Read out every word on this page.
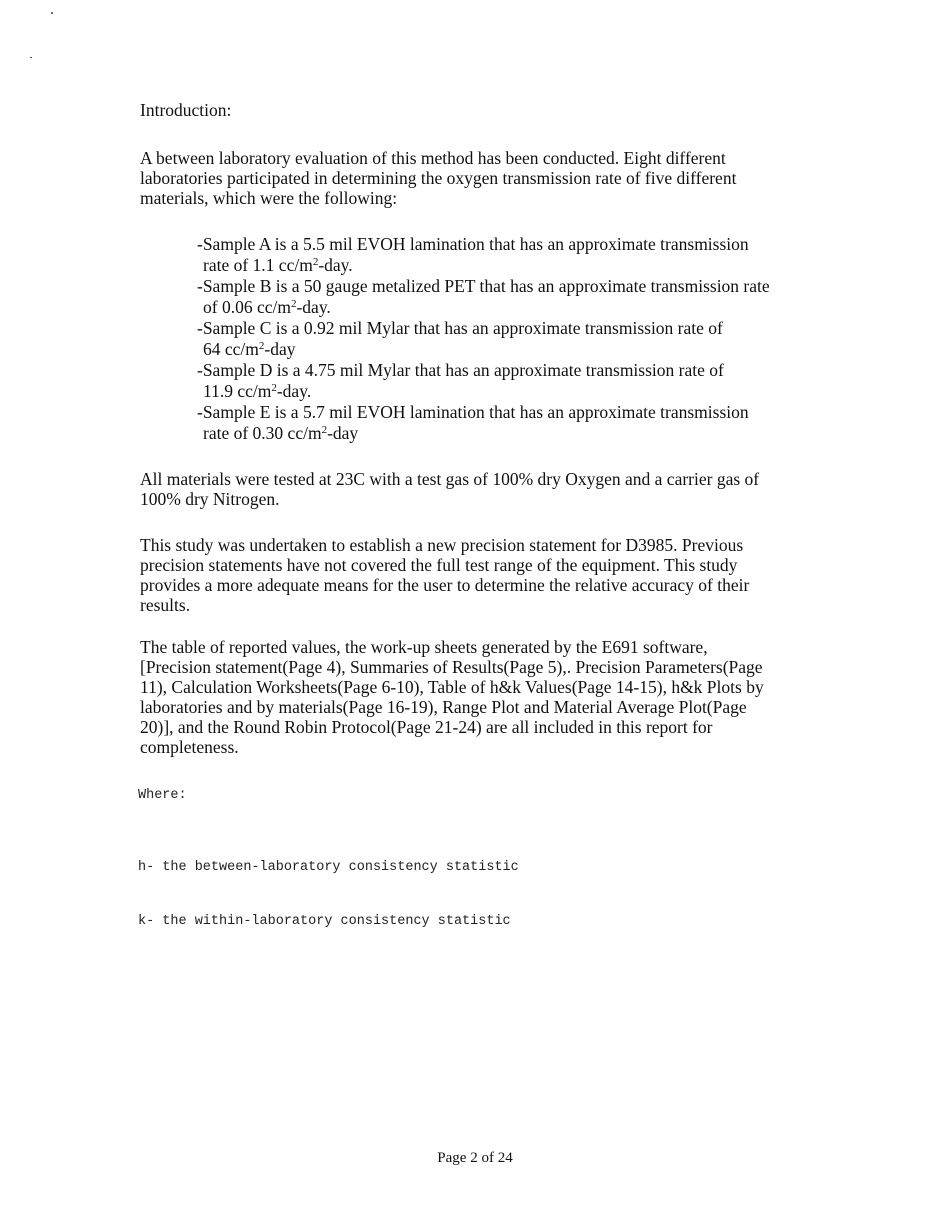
Introduction:

A between laboratory evaluation of this method has been conducted. Eight different
laboratories participated in determining the oxygen transmission rate of five different
materials, which were the following:

-Sample A is a 5.5 mil EVOH lamination that has an approximate transmission
rate of 1.1 $cc/m^2$-day.
-Sample B is a 50 gauge metalized PET that has an approximate transmission rate
of 0.06 $cc/m^2$-day.
-Sample C is a 0.92 mil Mylar that has an approximate transmission rate of
64 $cc/m^2$-day
-Sample D is a 4.75 mil Mylar that has an approximate transmission rate of
11.9 $cc/m^2$-day.
-Sample E is a 5.7 mil EVOH lamination that has an approximate transmission
rate of 0.30 $cc/m^2$-day

All materials were tested at 23C with a test gas of 100% dry Oxygen and a carrier gas of
100% dry Nitrogen.

This study was undertaken to establish a new precision statement for D3985. Previous
precision statements have not covered the full test range of the equipment. This study
provides a more adequate means for the user to determine the relative accuracy of their
results.

The table of reported values, the work-up sheets generated by the E691 software,
[Precision statement(Page 4), Summaries of Results(Page 5),. Precision Parameters(Page
11), Calculation Worksheets(Page 6-10), Table of h&k Values(Page 14-15), h&k Plots by
laboratories and by materials(Page 16-19), Range Plot and Material Average Plot(Page
20)], and the Round Robin Protocol(Page 21-24) are all included in this report for
completeness.

Where:

h- the between-laboratory consistency statistic

k- the within-laboratory consistency statistic

Page 2 of 24
